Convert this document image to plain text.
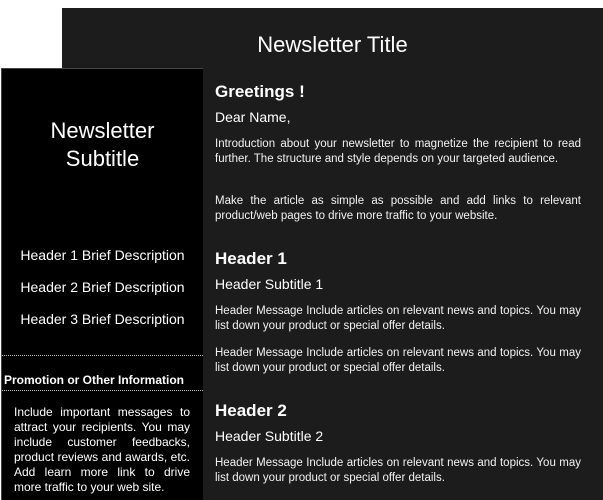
Newsletter Title
Newsletter
Subtitle
Header 1 Brief Description
Header 2 Brief Description
Header 3 Brief Description
Promotion or Other Information
Include important messages to attract your recipients. You may include customer feedbacks, product reviews and awards, etc. Add learn more link to drive more traffic to your web site.
Greetings !
Dear Name,
Introduction about your newsletter to magnetize the recipient to read further. The structure and style depends on your targeted audience.
Make the article as simple as possible and add links to relevant product/web pages to drive more traffic to your website.
Header 1
Header Subtitle 1
Header Message Include articles on relevant news and topics. You may list down your product or special offer details.
Header Message Include articles on relevant news and topics. You may list down your product or special offer details.
Header 2
Header Subtitle 2
Header Message Include articles on relevant news and topics. You may list down your product or special offer details.
